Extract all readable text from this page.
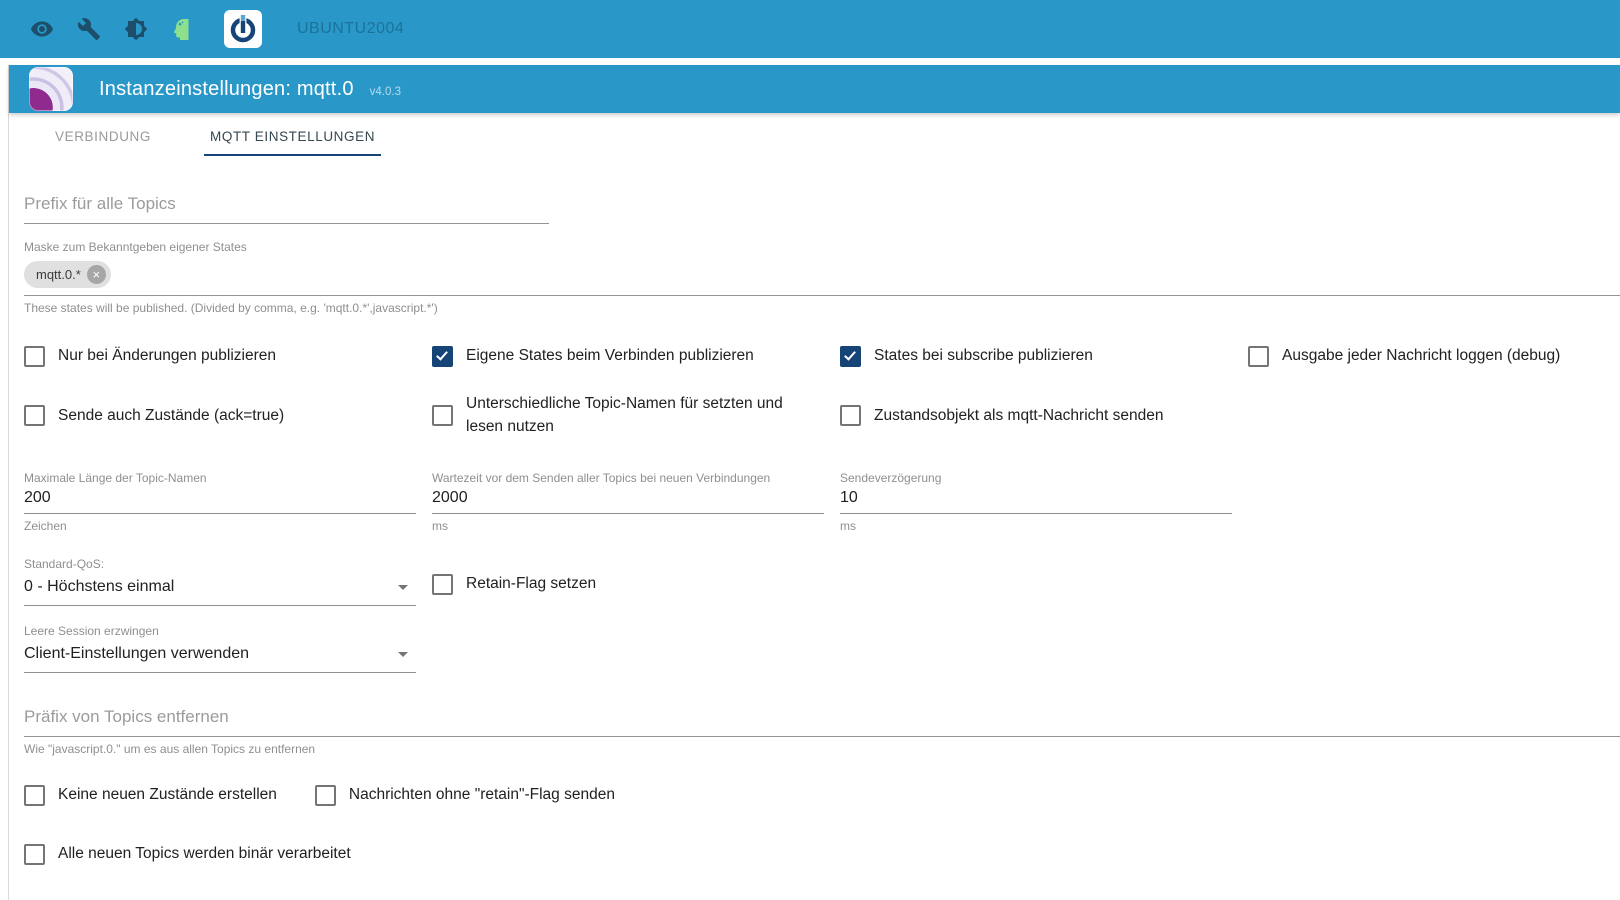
UBUNTU2004
Instanzeinstellungen: mqtt.0 v4.0.3
VERBINDUNG	MQTT EINSTELLUNGEN
Prefix für alle Topics
Maske zum Bekanntgeben eigener States
mqtt.0.*
×
These states will be published. (Divided by comma, e.g. 'mqtt.0.*',javascript.*')
Nur bei Änderungen publizieren	Eigene States beim Verbinden publizieren	States bei subscribe publizieren	Ausgabe jeder Nachricht loggen (debug)
Sende auch Zustände (ack=true)
Unterschiedliche Topic-Namen für setzten und lesen nutzen
Zustandsobjekt als mqtt-Nachricht senden
Maximale Länge der Topic-Namen
200
Zeichen
Wartezeit vor dem Senden aller Topics bei neuen Verbindungen
2000
ms
Sendeverzögerung
10
ms
Standard-QoS:
0 - Höchstens einmal	Retain-Flag setzen
Leere Session erzwingen
Client-Einstellungen verwenden
Präfix von Topics entfernen
Wie "javascript.0." um es aus allen Topics zu entfernen
Keine neuen Zustände erstellen	Nachrichten ohne "retain"-Flag senden
Alle neuen Topics werden binär verarbeitet
